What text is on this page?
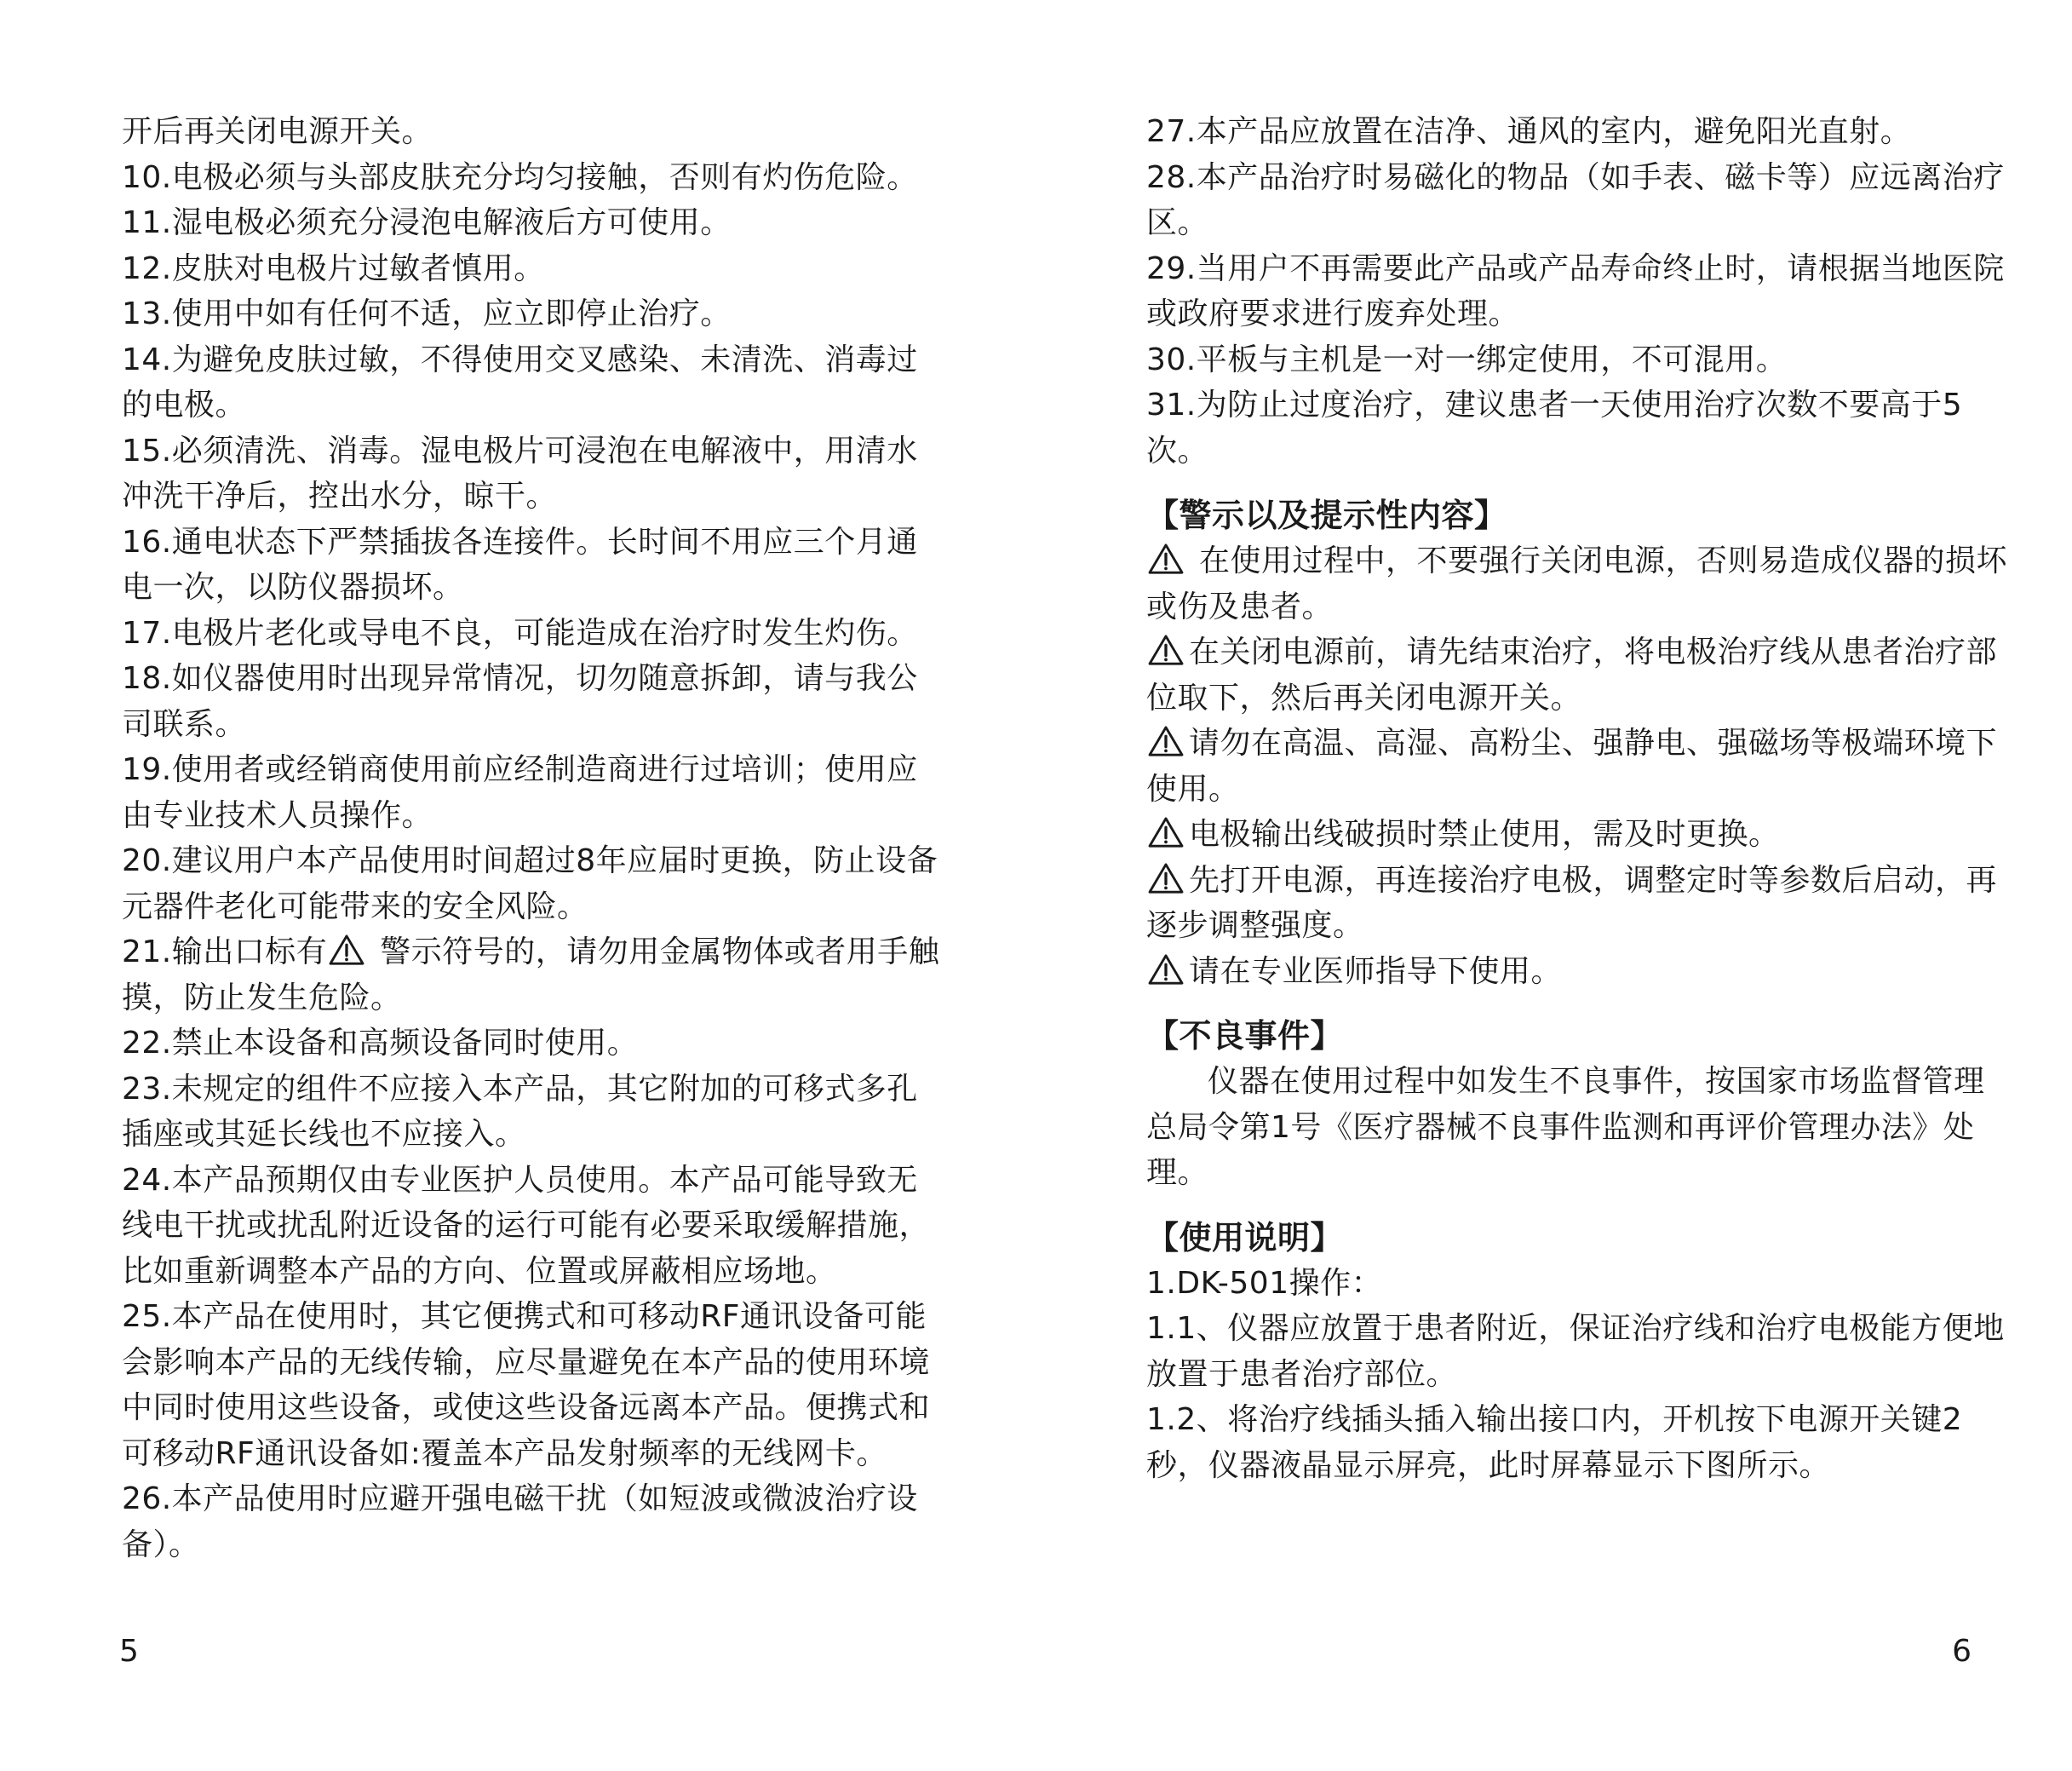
开后再关闭电源开关。

10.电极必须与头部皮肤充分均匀接触，否则有灼伤危险。

11.湿电极必须充分浸泡电解液后方可使用。

12.皮肤对电极片过敏者慎用。

13.使用中如有任何不适，应立即停止治疗。

14.为避免皮肤过敏，不得使用交叉感染、未清洗、消毒过的电极。

15.必须清洗、消毒。湿电极片可浸泡在电解液中，用清水冲洗干净后，控出水分，晾干。

16.通电状态下严禁插拔各连接件。长时间不用应三个月通电一次，以防仪器损坏。

17.电极片老化或导电不良，可能造成在治疗时发生灼伤。

18.如仪器使用时出现异常情况，切勿随意拆卸，请与我公司联系。

19.使用者或经销商使用前应经制造商进行过培训；使用应由专业技术人员操作。

20.建议用户本产品使用时间超过8年应届时更换，防止设备元器件老化可能带来的安全风险。

21.输出口标有
警示符号的，请勿用金属物体或者用手触摸，防止发生危险。

22.禁止本设备和高频设备同时使用。

23.未规定的组件不应接入本产品，其它附加的可移式多孔插座或其延长线也不应接入。

24.本产品预期仅由专业医护人员使用。本产品可能导致无线电干扰或扰乱附近设备的运行可能有必要采取缓解措施，比如重新调整本产品的方向、位置或屏蔽相应场地。

25.本产品在使用时，其它便携式和可移动RF通讯设备可能会影响本产品的无线传输，应尽量避免在本产品的使用环境中同时使用这些设备，或使这些设备远离本产品。便携式和可移动RF通讯设备如:覆盖本产品发射频率的无线网卡。

26.本产品使用时应避开强电磁干扰（如短波或微波治疗设备）。

5

27.本产品应放置在洁净、通风的室内，避免阳光直射。

28.本产品治疗时易磁化的物品（如手表、磁卡等）应远离治疗区。

29.当用户不再需要此产品或产品寿命终止时，请根据当地医院或政府要求进行废弃处理。

30.平板与主机是一对一绑定使用，不可混用。

31.为防止过度治疗，建议患者一天使用治疗次数不要高于5次。

【警示以及提示性内容】

在使用过程中，不要强行关闭电源，否则易造成仪器的损坏或伤及患者。

在关闭电源前，请先结束治疗，将电极治疗线从患者治疗部位取下，然后再关闭电源开关。

请勿在高温、高湿、高粉尘、强静电、强磁场等极端环境下使用。

电极输出线破损时禁止使用，需及时更换。

先打开电源，再连接治疗电极，调整定时等参数后启动，再逐步调整强度。

请在专业医师指导下使用。

【不良事件】

仪器在使用过程中如发生不良事件，按国家市场监督管理总局令第1号《医疗器械不良事件监测和再评价管理办法》处理。

【使用说明】

1.DK-501操作：

1.1、仪器应放置于患者附近，保证治疗线和治疗电极能方便地放置于患者治疗部位。

1.2、将治疗线插头插入输出接口内，开机按下电源开关键2秒，仪器液晶显示屏亮，此时屏幕显示下图所示。

6
